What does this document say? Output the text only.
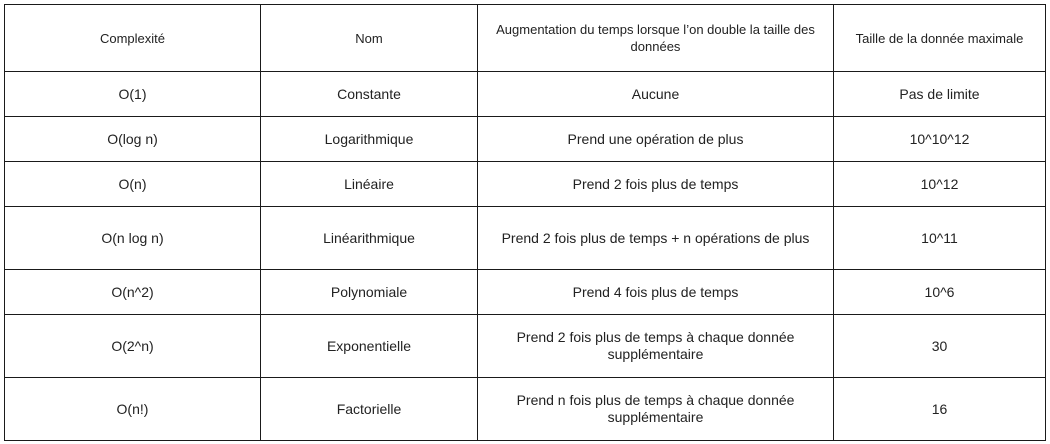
Complexité	Nom	Augmentation du temps lorsque l’on double la taille des données	Taille de la donnée maximale
O(1)	Constante	Aucune	Pas de limite
O(log n)	Logarithmique	Prend une opération de plus	10^10^12
O(n)	Linéaire	Prend 2 fois plus de temps	10^12
O(n log n)	Linéarithmique	Prend 2 fois plus de temps + n opérations de plus	10^11
O(n^2)	Polynomiale	Prend 4 fois plus de temps	10^6
O(2^n)	Exponentielle	Prend 2 fois plus de temps à chaque donnée supplémentaire	30
O(n!)	Factorielle	Prend n fois plus de temps à chaque donnée supplémentaire	16
